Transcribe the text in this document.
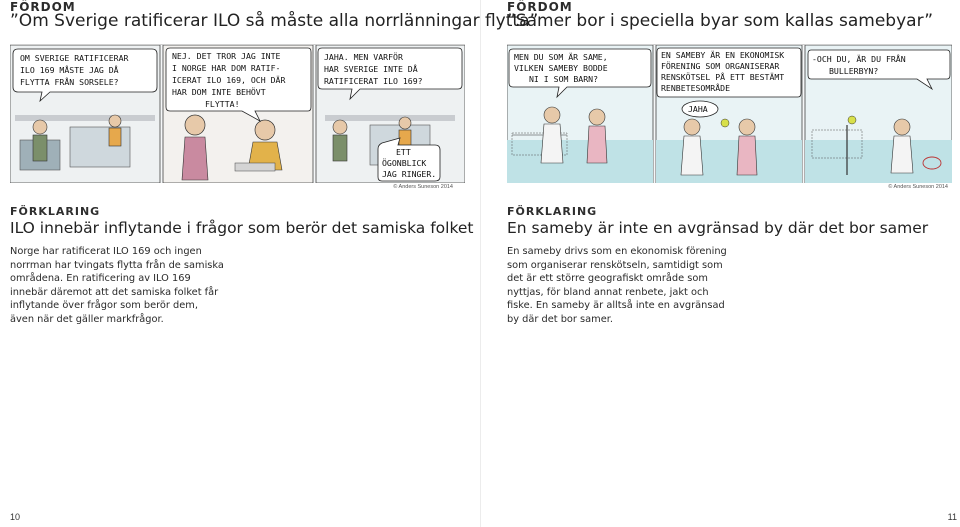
FÖRDOM
”Om Sverige ratificerar ILO så måste alla norrlänningar flytta”
OM SVERIGE RATIFICERAR
ILO 169 MÅSTE JAG DÅ
FLYTTA FRÅN SORSELE?
NEJ. DET TROR JAG INTE
I NORGE HAR DOM RATIF-
ICERAT ILO 169, OCH DÄR
HAR DOM INTE BEHÖVT
FLYTTA!
JAHA. MEN VARFÖR
HAR SVERIGE INTE DÅ
RATIFICERAT ILO 169?
ETT
ÖGONBLICK
JAG RINGER.
© Anders Suneson 2014
FÖRKLARING
ILO innebär inflytande i frågor som berör det samiska folket

Norge har ratificerat ILO 169 och ingen norrman har tvingats flytta från de samiska områdena. En ratificering av ILO 169 innebär däremot att det samiska folket får inflytande över frågor som berör dem, även när det gäller markfrågor.

10
FÖRDOM
”Samer bor i speciella byar som kallas samebyar”
MEN DU SOM ÄR SAME,
VILKEN SAMEBY BODDE
NI I SOM BARN?
EN SAMEBY ÄR EN EKONOMISK
FÖRENING SOM ORGANISERAR
RENSKÖTSEL PÅ ETT BESTÄMT
RENBETESOMRÅDE
JAHA
-OCH DU, ÄR DU FRÅN
BULLERBYN?
© Anders Suneson 2014
FÖRKLARING
En sameby är inte en avgränsad by där det bor samer

En sameby drivs som en ekonomisk förening som organiserar renskötseln, samtidigt som det är ett större geografiskt område som nyttjas, för bland annat renbete, jakt och fiske. En sameby är alltså inte en avgränsad by där det bor samer.

11
